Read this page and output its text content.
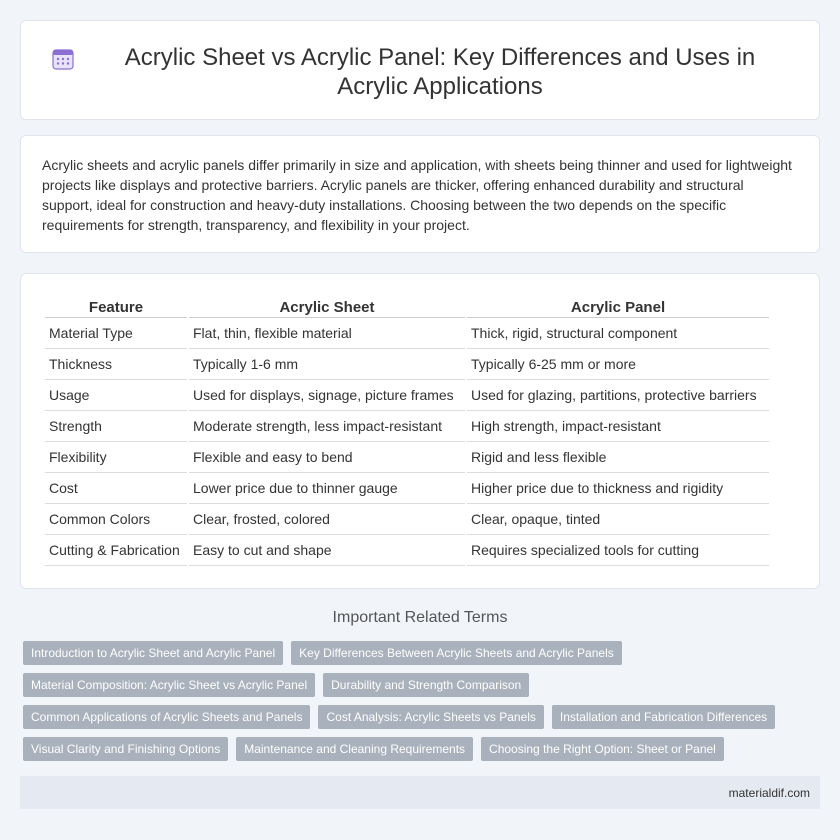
Acrylic Sheet vs Acrylic Panel: Key Differences and Uses in Acrylic Applications

Acrylic sheets and acrylic panels differ primarily in size and application, with sheets being thinner and used for lightweight projects like displays and protective barriers. Acrylic panels are thicker, offering enhanced durability and structural support, ideal for construction and heavy-duty installations. Choosing between the two depends on the specific requirements for strength, transparency, and flexibility in your project.

Feature	Acrylic Sheet	Acrylic Panel
Material Type	Flat, thin, flexible material	Thick, rigid, structural component
Thickness	Typically 1-6 mm	Typically 6-25 mm or more
Usage	Used for displays, signage, picture frames	Used for glazing, partitions, protective barriers
Strength	Moderate strength, less impact-resistant	High strength, impact-resistant
Flexibility	Flexible and easy to bend	Rigid and less flexible
Cost	Lower price due to thinner gauge	Higher price due to thickness and rigidity
Common Colors	Clear, frosted, colored	Clear, opaque, tinted
Cutting & Fabrication	Easy to cut and shape	Requires specialized tools for cutting
Important Related Terms
Introduction to Acrylic Sheet and Acrylic Panel	Key Differences Between Acrylic Sheets and Acrylic Panels
Material Composition: Acrylic Sheet vs Acrylic Panel	Durability and Strength Comparison
Common Applications of Acrylic Sheets and Panels	Cost Analysis: Acrylic Sheets vs Panels	Installation and Fabrication Differences
Visual Clarity and Finishing Options	Maintenance and Cleaning Requirements	Choosing the Right Option: Sheet or Panel
materialdif.com
